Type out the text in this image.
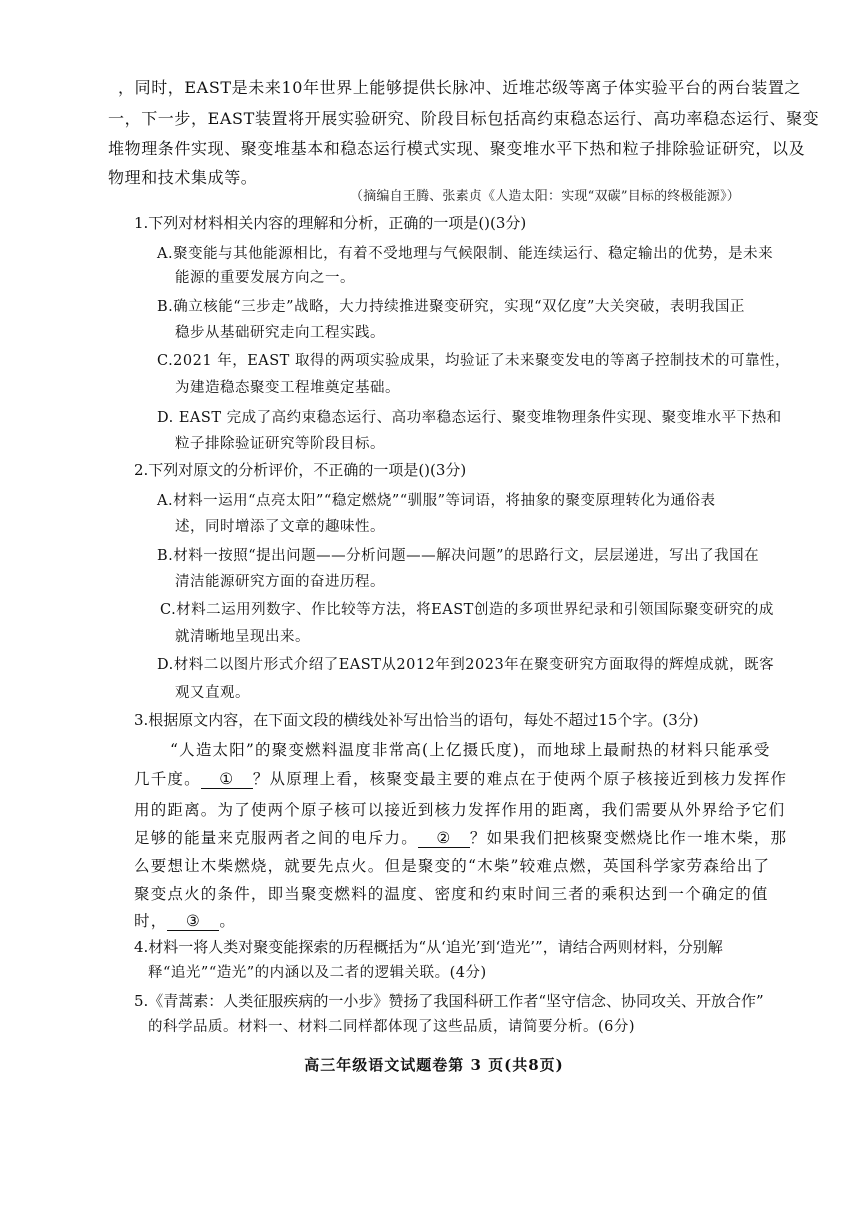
，同时，EAST是未来10年世界上能够提供长脉冲、近堆芯级等离子体实验平台的两台装置之
一，下一步，EAST装置将开展实验研究、阶段目标包括高约束稳态运行、高功率稳态运行、聚变
堆物理条件实现、聚变堆基本和稳态运行模式实现、聚变堆水平下热和粒子排除验证研究，以及
物理和技术集成等。
（摘编自王腾、张素贞《人造太阳：实现“双碳”目标的终极能源》）
1.下列对材料相关内容的理解和分析，正确的一项是()(3分)
A.聚变能与其他能源相比，有着不受地理与气候限制、能连续运行、稳定输出的优势，是未来
能源的重要发展方向之一。
B.确立核能“三步走”战略，大力持续推进聚变研究，实现“双亿度”大关突破，表明我国正
稳步从基础研究走向工程实践。
C.2021 年，EAST 取得的两项实验成果，均验证了未来聚变发电的等离子控制技术的可靠性，
为建造稳态聚变工程堆奠定基础。
D. EAST 完成了高约束稳态运行、高功率稳态运行、聚变堆物理条件实现、聚变堆水平下热和
粒子排除验证研究等阶段目标。
2.下列对原文的分析评价，不正确的一项是()(3分)
A.材料一运用“点亮太阳”“稳定燃烧”“驯服”等词语，将抽象的聚变原理转化为通俗表
述，同时增添了文章的趣味性。
B.材料一按照“提出问题——分析问题——解决问题”的思路行文，层层递进，写出了我国在
清洁能源研究方面的奋进历程。
C.材料二运用列数字、作比较等方法，将EAST创造的多项世界纪录和引领国际聚变研究的成
就清晰地呈现出来。
D.材料二以图片形式介绍了EAST从2012年到2023年在聚变研究方面取得的辉煌成就，既客
观又直观。
3.根据原文内容，在下面文段的横线处补写出恰当的语句，每处不超过15个字。(3分)
“人造太阳”的聚变燃料温度非常高(上亿摄氏度)，而地球上最耐热的材料只能承受
几千度。 ① ？从原理上看，核聚变最主要的难点在于使两个原子核接近到核力发挥作
用的距离。为了使两个原子核可以接近到核力发挥作用的距离，我们需要从外界给予它们
足够的能量来克服两者之间的电斥力。 ② ？如果我们把核聚变燃烧比作一堆木柴，那
么要想让木柴燃烧，就要先点火。但是聚变的“木柴”较难点燃，英国科学家劳森给出了
聚变点火的条件，即当聚变燃料的温度、密度和约束时间三者的乘积达到一个确定的值
时， ③ 。
4.材料一将人类对聚变能探索的历程概括为“从‘追光’到‘造光’”，请结合两则材料，分别解
释“追光”“造光”的内涵以及二者的逻辑关联。(4分)
5.《青蒿素：人类征服疾病的一小步》赞扬了我国科研工作者“坚守信念、协同攻关、开放合作”
的科学品质。材料一、材料二同样都体现了这些品质，请简要分析。(6分)
高三年级语文试题卷第 3 页(共8页)
